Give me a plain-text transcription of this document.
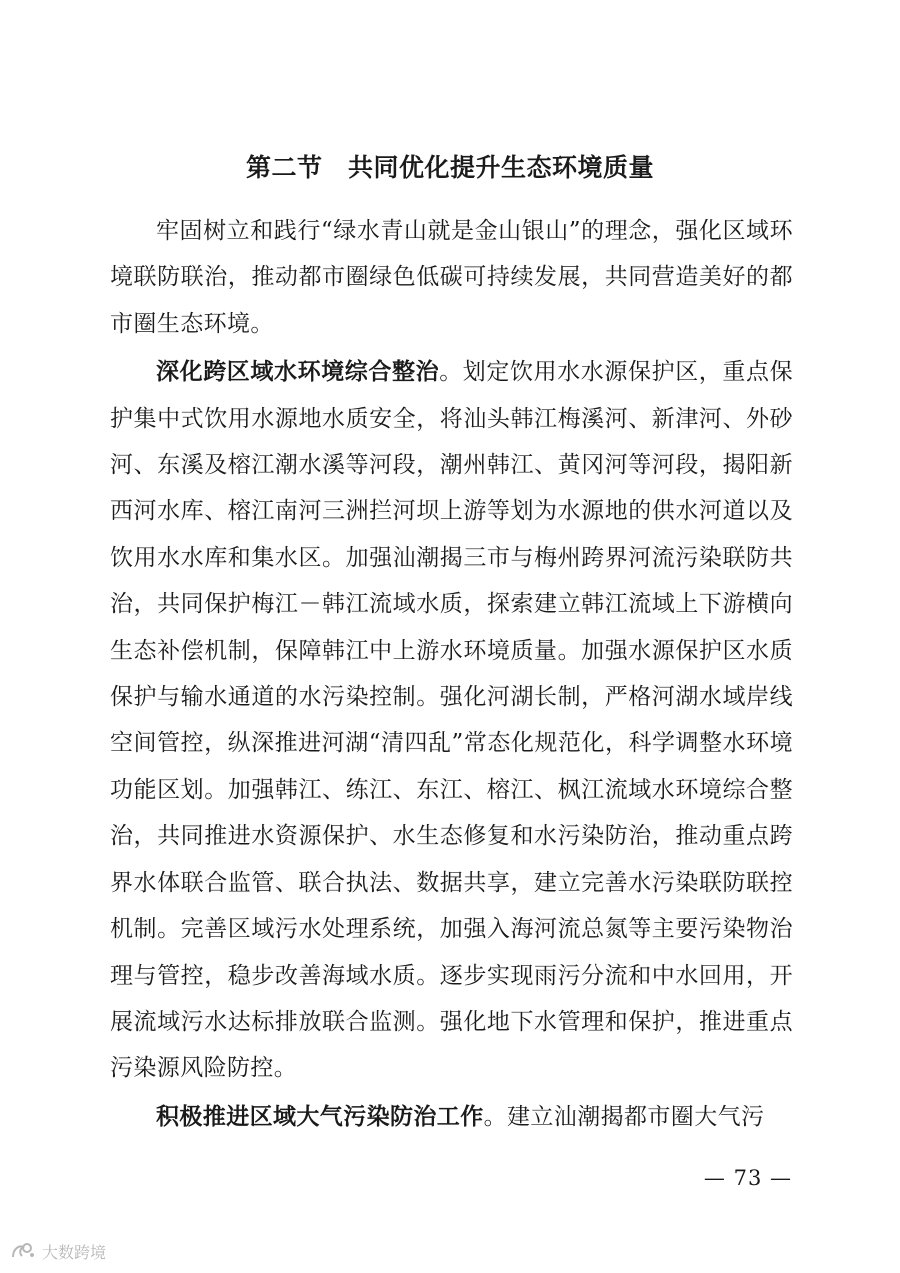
第二节　共同优化提升生态环境质量

牢固树立和践行“绿水青山就是金山银山”的理念，强化区域环境联防联治，推动都市圈绿色低碳可持续发展，共同营造美好的都市圈生态环境。

深化跨区域水环境综合整治。划定饮用水水源保护区，重点保护集中式饮用水源地水质安全，将汕头韩江梅溪河、新津河、外砂河、东溪及榕江潮水溪等河段，潮州韩江、黄冈河等河段，揭阳新西河水库、榕江南河三洲拦河坝上游等划为水源地的供水河道以及饮用水水库和集水区。加强汕潮揭三市与梅州跨界河流污染联防共治，共同保护梅江－韩江流域水质，探索建立韩江流域上下游横向生态补偿机制，保障韩江中上游水环境质量。加强水源保护区水质保护与输水通道的水污染控制。强化河湖长制，严格河湖水域岸线空间管控，纵深推进河湖“清四乱”常态化规范化，科学调整水环境功能区划。加强韩江、练江、东江、榕江、枫江流域水环境综合整治，共同推进水资源保护、水生态修复和水污染防治，推动重点跨界水体联合监管、联合执法、数据共享，建立完善水污染联防联控机制。完善区域污水处理系统，加强入海河流总氮等主要污染物治理与管控，稳步改善海域水质。逐步实现雨污分流和中水回用，开展流域污水达标排放联合监测。强化地下水管理和保护，推进重点污染源风险防控。

积极推进区域大气污染防治工作。建立汕潮揭都市圈大气污

— 73 —
大数跨境
